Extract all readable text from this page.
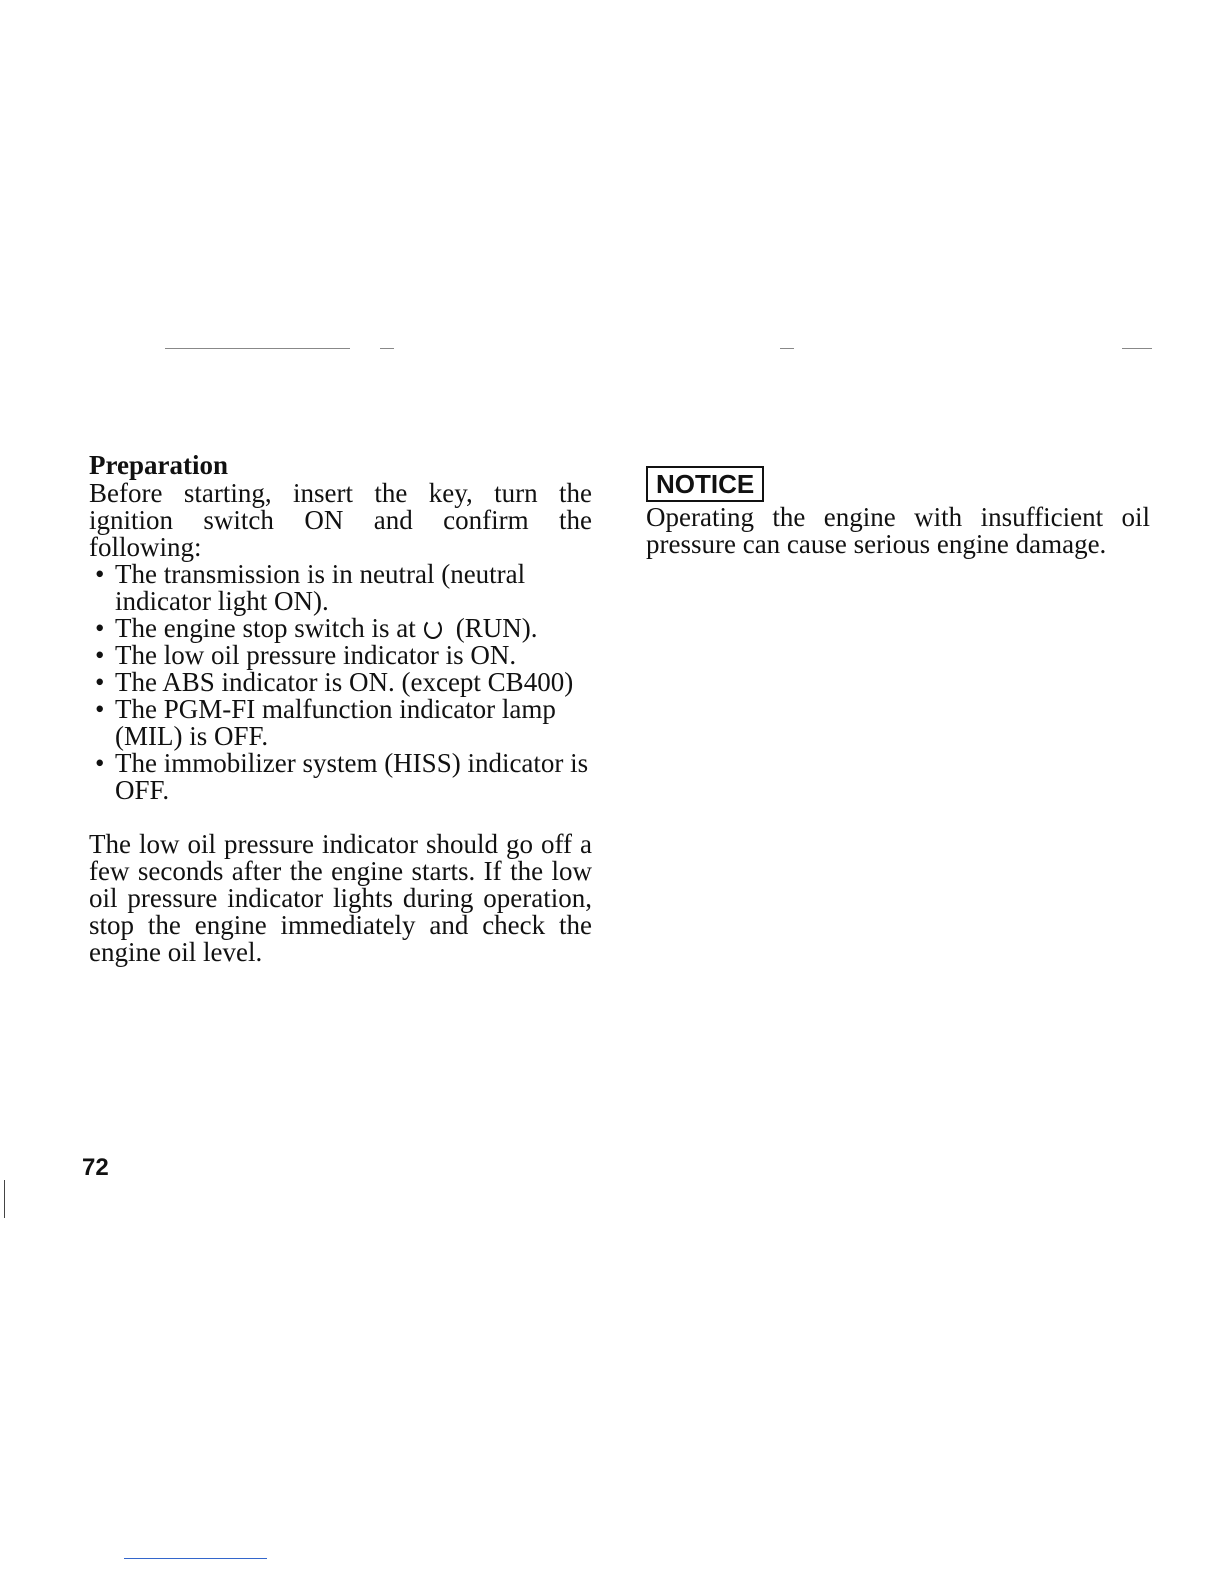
Preparation

Before starting, insert the key, turn the ignition switch ON and confirm the following:

• The transmission is in neutral (neutral indicator light ON).
• The engine stop switch is at (RUN).
• The low oil pressure indicator is ON.
• The ABS indicator is ON. (except CB400)
• The PGM-FI malfunction indicator lamp (MIL) is OFF.
• The immobilizer system (HISS) indicator is OFF.

The low oil pressure indicator should go off a few seconds after the engine starts. If the low oil pressure indicator lights during operation, stop the engine immediately and check the engine oil level.

NOTICE

Operating the engine with insufficient oil pressure can cause serious engine damage.

72
